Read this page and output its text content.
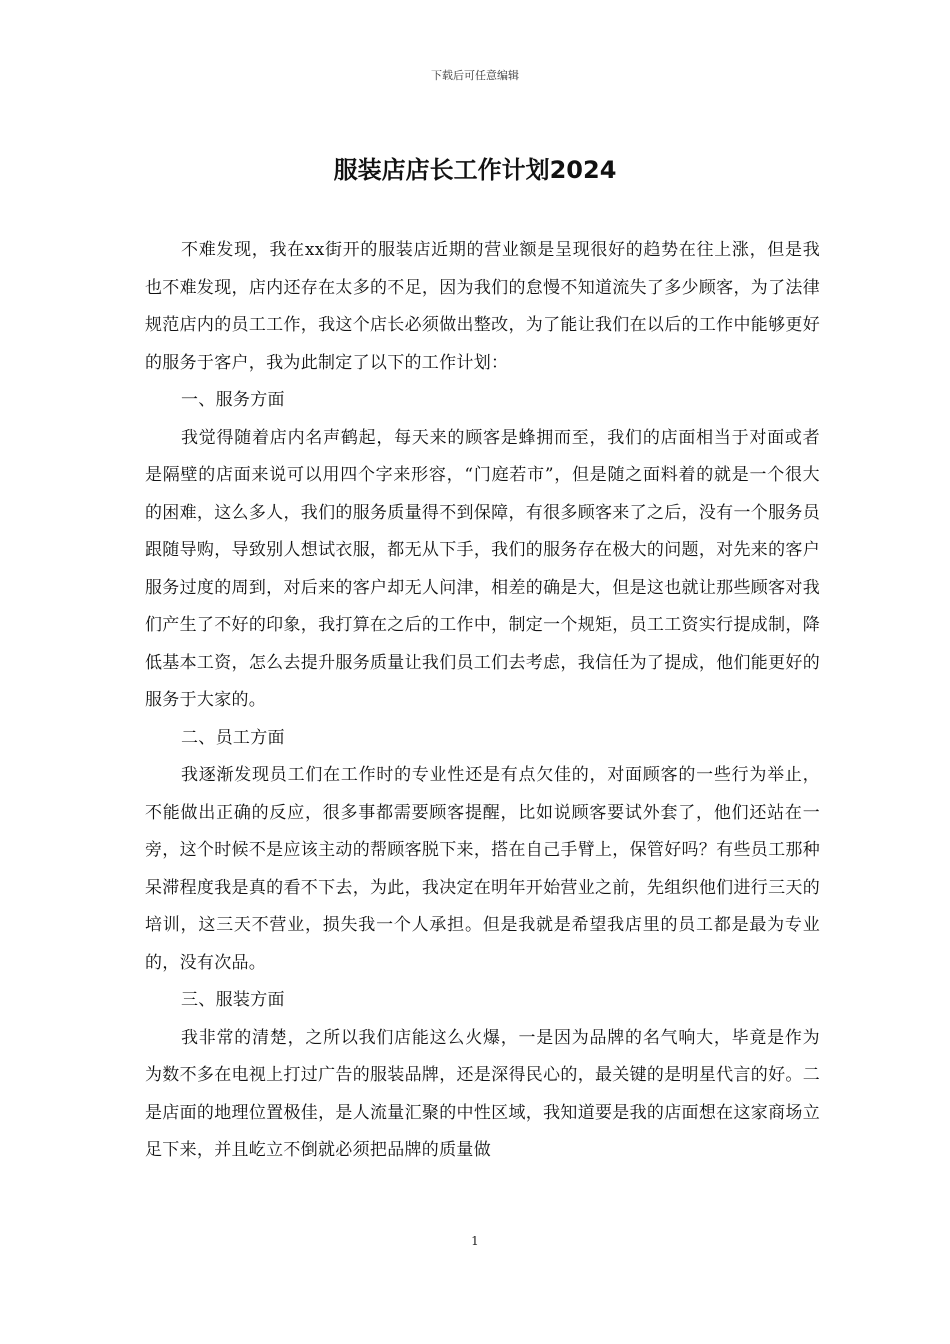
下载后可任意编辑
服装店店长工作计划2024

不难发现，我在xx街开的服装店近期的营业额是呈现很好的趋势在往上涨，但是我也不难发现，店内还存在太多的不足，因为我们的怠慢不知道流失了多少顾客，为了法律规范店内的员工工作，我这个店长必须做出整改，为了能让我们在以后的工作中能够更好的服务于客户，我为此制定了以下的工作计划：

一、服务方面

我觉得随着店内名声鹤起，每天来的顾客是蜂拥而至，我们的店面相当于对面或者是隔壁的店面来说可以用四个字来形容，“门庭若市”，但是随之面料着的就是一个很大的困难，这么多人，我们的服务质量得不到保障，有很多顾客来了之后，没有一个服务员跟随导购，导致别人想试衣服，都无从下手，我们的服务存在极大的问题，对先来的客户服务过度的周到，对后来的客户却无人问津，相差的确是大，但是这也就让那些顾客对我们产生了不好的印象，我打算在之后的工作中，制定一个规矩，员工工资实行提成制，降低基本工资，怎么去提升服务质量让我们员工们去考虑，我信任为了提成，他们能更好的服务于大家的。

二、员工方面

我逐渐发现员工们在工作时的专业性还是有点欠佳的，对面顾客的一些行为举止，不能做出正确的反应，很多事都需要顾客提醒，比如说顾客要试外套了，他们还站在一旁，这个时候不是应该主动的帮顾客脱下来，搭在自己手臂上，保管好吗？有些员工那种呆滞程度我是真的看不下去，为此，我决定在明年开始营业之前，先组织他们进行三天的培训，这三天不营业，损失我一个人承担。但是我就是希望我店里的员工都是最为专业的，没有次品。

三、服装方面

我非常的清楚，之所以我们店能这么火爆，一是因为品牌的名气响大，毕竟是作为为数不多在电视上打过广告的服装品牌，还是深得民心的，最关键的是明星代言的好。二是店面的地理位置极佳，是人流量汇聚的中性区域，我知道要是我的店面想在这家商场立足下来，并且屹立不倒就必须把品牌的质量做

1
